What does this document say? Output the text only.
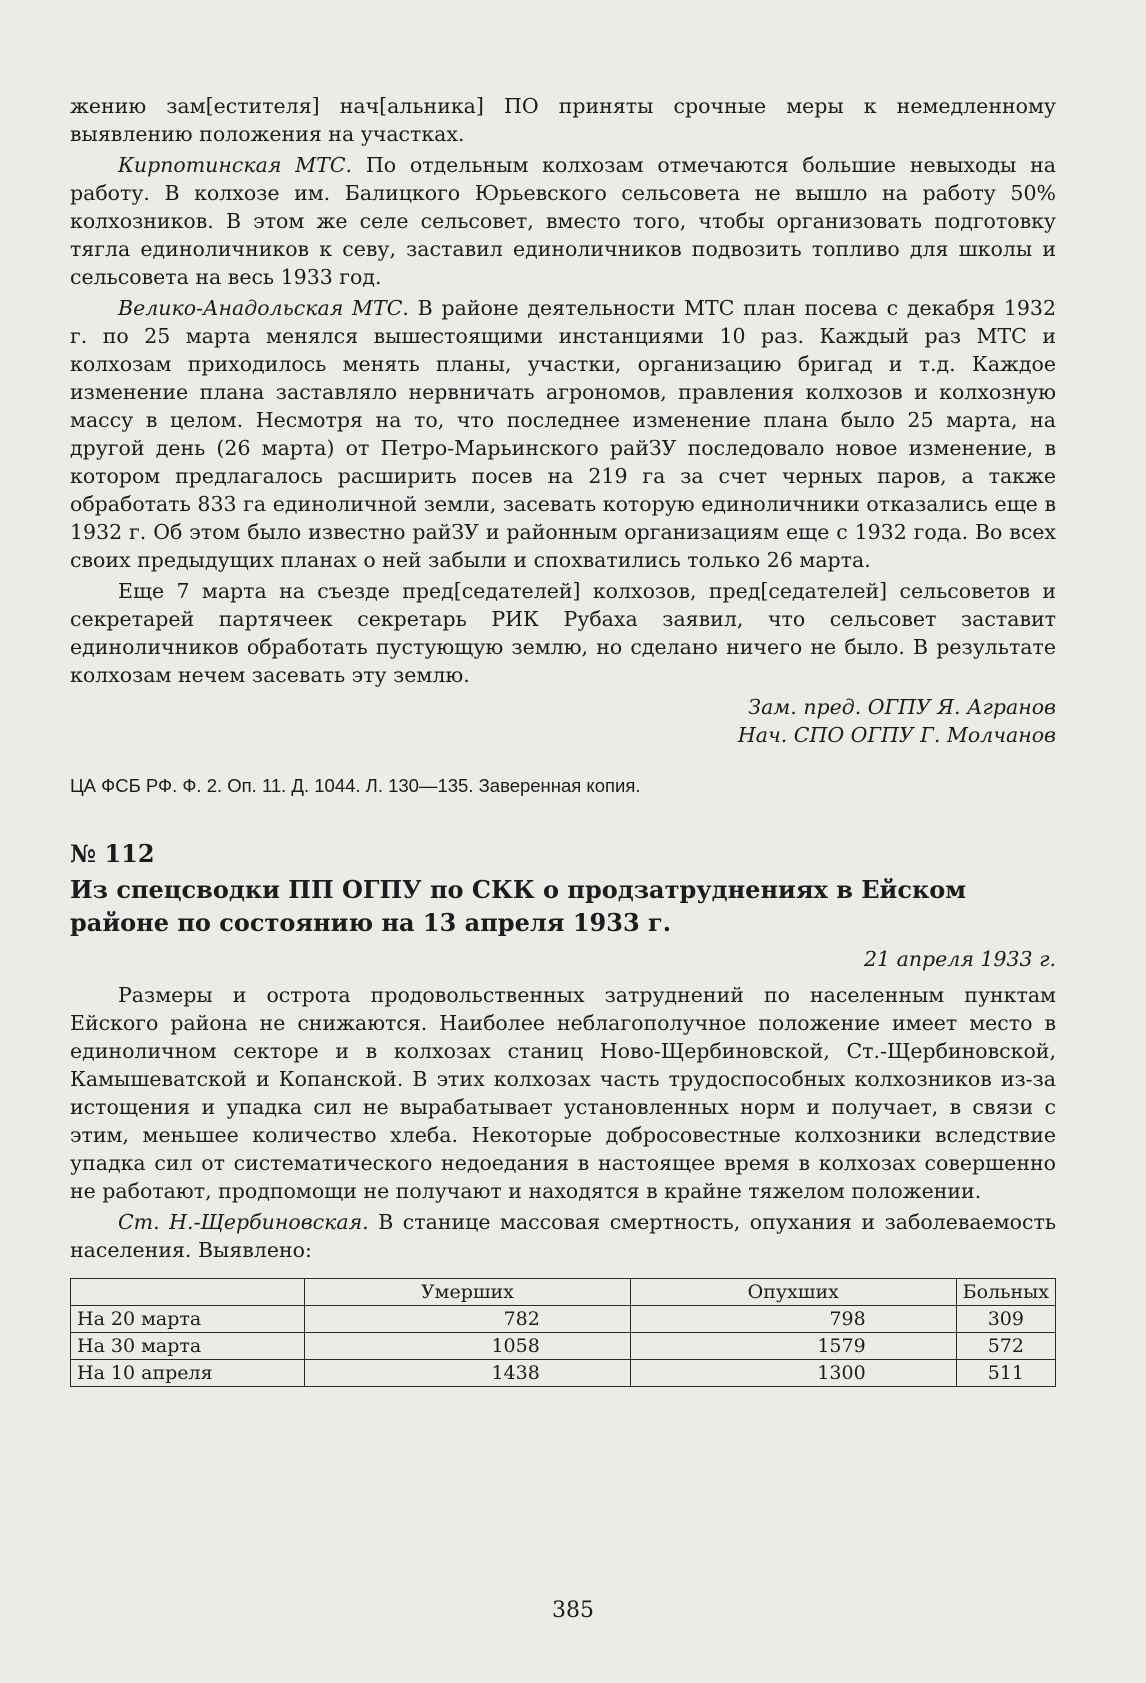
жению зам[естителя] нач[альника] ПО приняты срочные меры к немедленному выявлению положения на участках.

Кирпотинская МТС. По отдельным колхозам отмечаются большие невыходы на работу. В колхозе им. Балицкого Юрьевского сельсовета не вышло на работу 50% колхозников. В этом же селе сельсовет, вместо того, чтобы организовать подготовку тягла единоличников к севу, заставил единоличников подвозить топливо для школы и сельсовета на весь 1933 год.

Велико-Анадольская МТС. В районе деятельности МТС план посева с декабря 1932 г. по 25 марта менялся вышестоящими инстанциями 10 раз. Каждый раз МТС и колхозам приходилось менять планы, участки, организацию бригад и т.д. Каждое изменение плана заставляло нервничать агрономов, правления колхозов и колхозную массу в целом. Несмотря на то, что последнее изменение плана было 25 марта, на другой день (26 марта) от Петро-Марьинского райЗУ последовало новое изменение, в котором предлагалось расширить посев на 219 га за счет черных паров, а также обработать 833 га единоличной земли, засевать которую единоличники отказались еще в 1932 г. Об этом было известно райЗУ и районным организациям еще с 1932 года. Во всех своих предыдущих планах о ней забыли и спохватились только 26 марта.

Еще 7 марта на съезде пред[седателей] колхозов, пред[седателей] сельсоветов и секретарей партячеек секретарь РИК Рубаха заявил, что сельсовет заставит единоличников обработать пустующую землю, но сделано ничего не было. В результате колхозам нечем засевать эту землю.

Зам. пред. ОГПУ Я. Агранов

Нач. СПО ОГПУ Г. Молчанов

ЦА ФСБ РФ. Ф. 2. Оп. 11. Д. 1044. Л. 130—135. Заверенная копия.

№ 112
Из спецсводки ПП ОГПУ по СКК о продзатруднениях в Ейском районе по состоянию на 13 апреля 1933 г.

21 апреля 1933 г.

Размеры и острота продовольственных затруднений по населенным пунктам Ейского района не снижаются. Наиболее неблагополучное положение имеет место в единоличном секторе и в колхозах станиц Ново-Щербиновской, Ст.-Щербиновской, Камышеватской и Копанской. В этих колхозах часть трудоспособных колхозников из-за истощения и упадка сил не вырабатывает установленных норм и получает, в связи с этим, меньшее количество хлеба. Некоторые добросовестные колхозники вследствие упадка сил от систематического недоедания в настоящее время в колхозах совершенно не работают, продпомощи не получают и находятся в крайне тяжелом положении.

Ст. Н.-Щербиновская. В станице массовая смертность, опухания и заболеваемость населения. Выявлено:

	Умерших	Опухших	Больных
На 20 марта	782	798	309
На 30 марта	1058	1579	572
На 10 апреля	1438	1300	511
385
